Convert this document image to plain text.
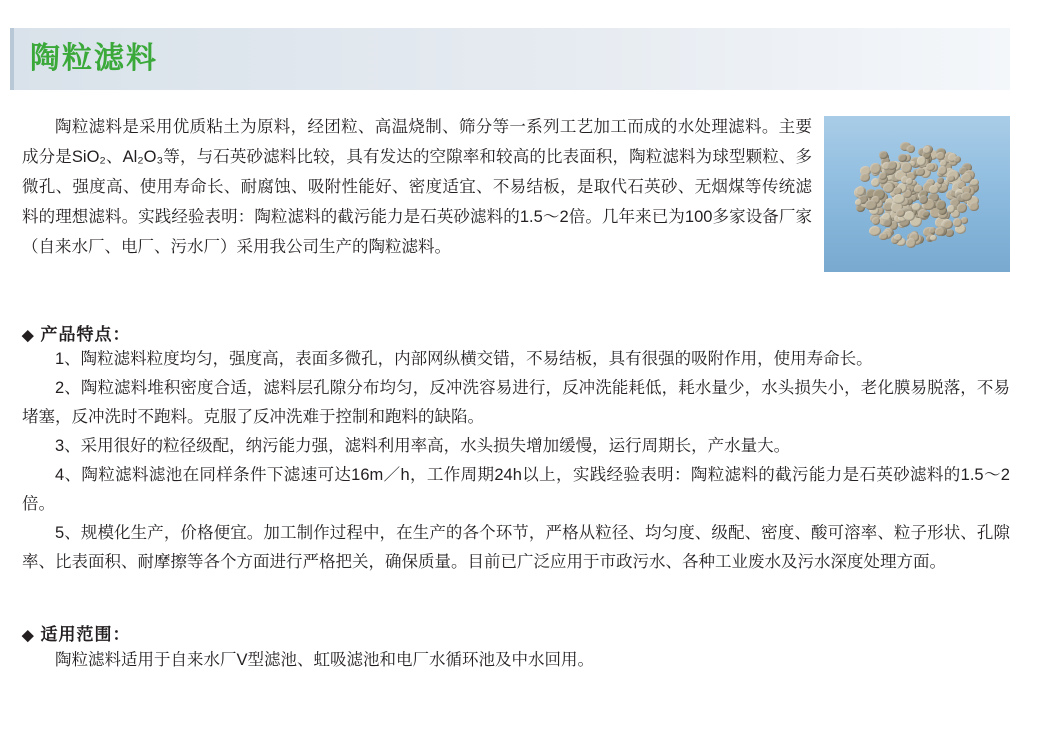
陶粒滤料
陶粒滤料是采用优质粘土为原料，经团粒、高温烧制、筛分等一系列工艺加工而成的水处理滤料。主要成分是SiO₂、Al₂O₃等，与石英砂滤料比较，具有发达的空隙率和较高的比表面积，陶粒滤料为球型颗粒、多微孔、强度高、使用寿命长、耐腐蚀、吸附性能好、密度适宜、不易结板，是取代石英砂、无烟煤等传统滤料的理想滤料。实践经验表明：陶粒滤料的截污能力是石英砂滤料的1.5～2倍。几年来已为100多家设备厂家（自来水厂、电厂、污水厂）采用我公司生产的陶粒滤料。
◆ 产品特点：

1、陶粒滤料粒度均匀，强度高，表面多微孔，内部网纵横交错，不易结板，具有很强的吸附作用，使用寿命长。

2、陶粒滤料堆积密度合适，滤料层孔隙分布均匀，反冲洗容易进行，反冲洗能耗低，耗水量少，水头损失小，老化膜易脱落，不易堵塞，反冲洗时不跑料。克服了反冲洗难于控制和跑料的缺陷。

3、采用很好的粒径级配，纳污能力强，滤料利用率高，水头损失增加缓慢，运行周期长，产水量大。

4、陶粒滤料滤池在同样条件下滤速可达16m／h，工作周期24h以上，实践经验表明：陶粒滤料的截污能力是石英砂滤料的1.5～2倍。

5、规模化生产，价格便宜。加工制作过程中，在生产的各个环节，严格从粒径、均匀度、级配、密度、酸可溶率、粒子形状、孔隙率、比表面积、耐摩擦等各个方面进行严格把关，确保质量。目前已广泛应用于市政污水、各种工业废水及污水深度处理方面。

◆ 适用范围：

陶粒滤料适用于自来水厂V型滤池、虹吸滤池和电厂水循环池及中水回用。
